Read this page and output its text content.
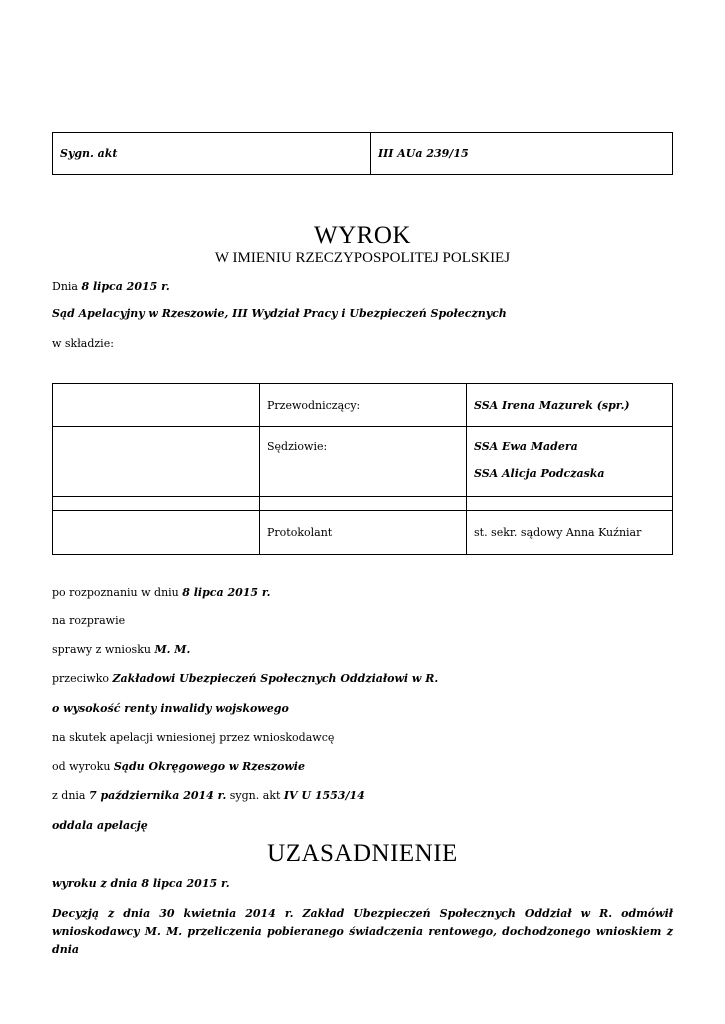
Sygn. akt	III AUa 239/15
WYROK
W IMIENIU RZECZYPOSPOLITEJ POLSKIEJ
Dnia 8 lipca 2015 r.
Sąd Apelacyjny w Rzeszowie, III Wydział Pracy i Ubezpieczeń Społecznych
w składzie:
	Przewodniczący:	SSA Irena Mazurek (spr.)
	Sędziowie:	SSA Ewa Madera
SSA Alicja Podczaska

	Protokolant	st. sekr. sądowy Anna Kuźniar
po rozpoznaniu w dniu 8 lipca 2015 r.
na rozprawie
sprawy z wniosku M. M.
przeciwko Zakładowi Ubezpieczeń Społecznych Oddziałowi w R.
o wysokość renty inwalidy wojskowego
na skutek apelacji wniesionej przez wnioskodawcę
od wyroku Sądu Okręgowego w Rzeszowie
z dnia 7 października 2014 r. sygn. akt IV U 1553/14
oddala apelację
UZASADNIENIE
wyroku z dnia 8 lipca 2015 r.
Decyzją z dnia 30 kwietnia 2014 r. Zakład Ubezpieczeń Społecznych Oddział w R. odmówił wnioskodawcy M. M. przeliczenia pobieranego świadczenia rentowego, dochodzonego wnioskiem z dnia
